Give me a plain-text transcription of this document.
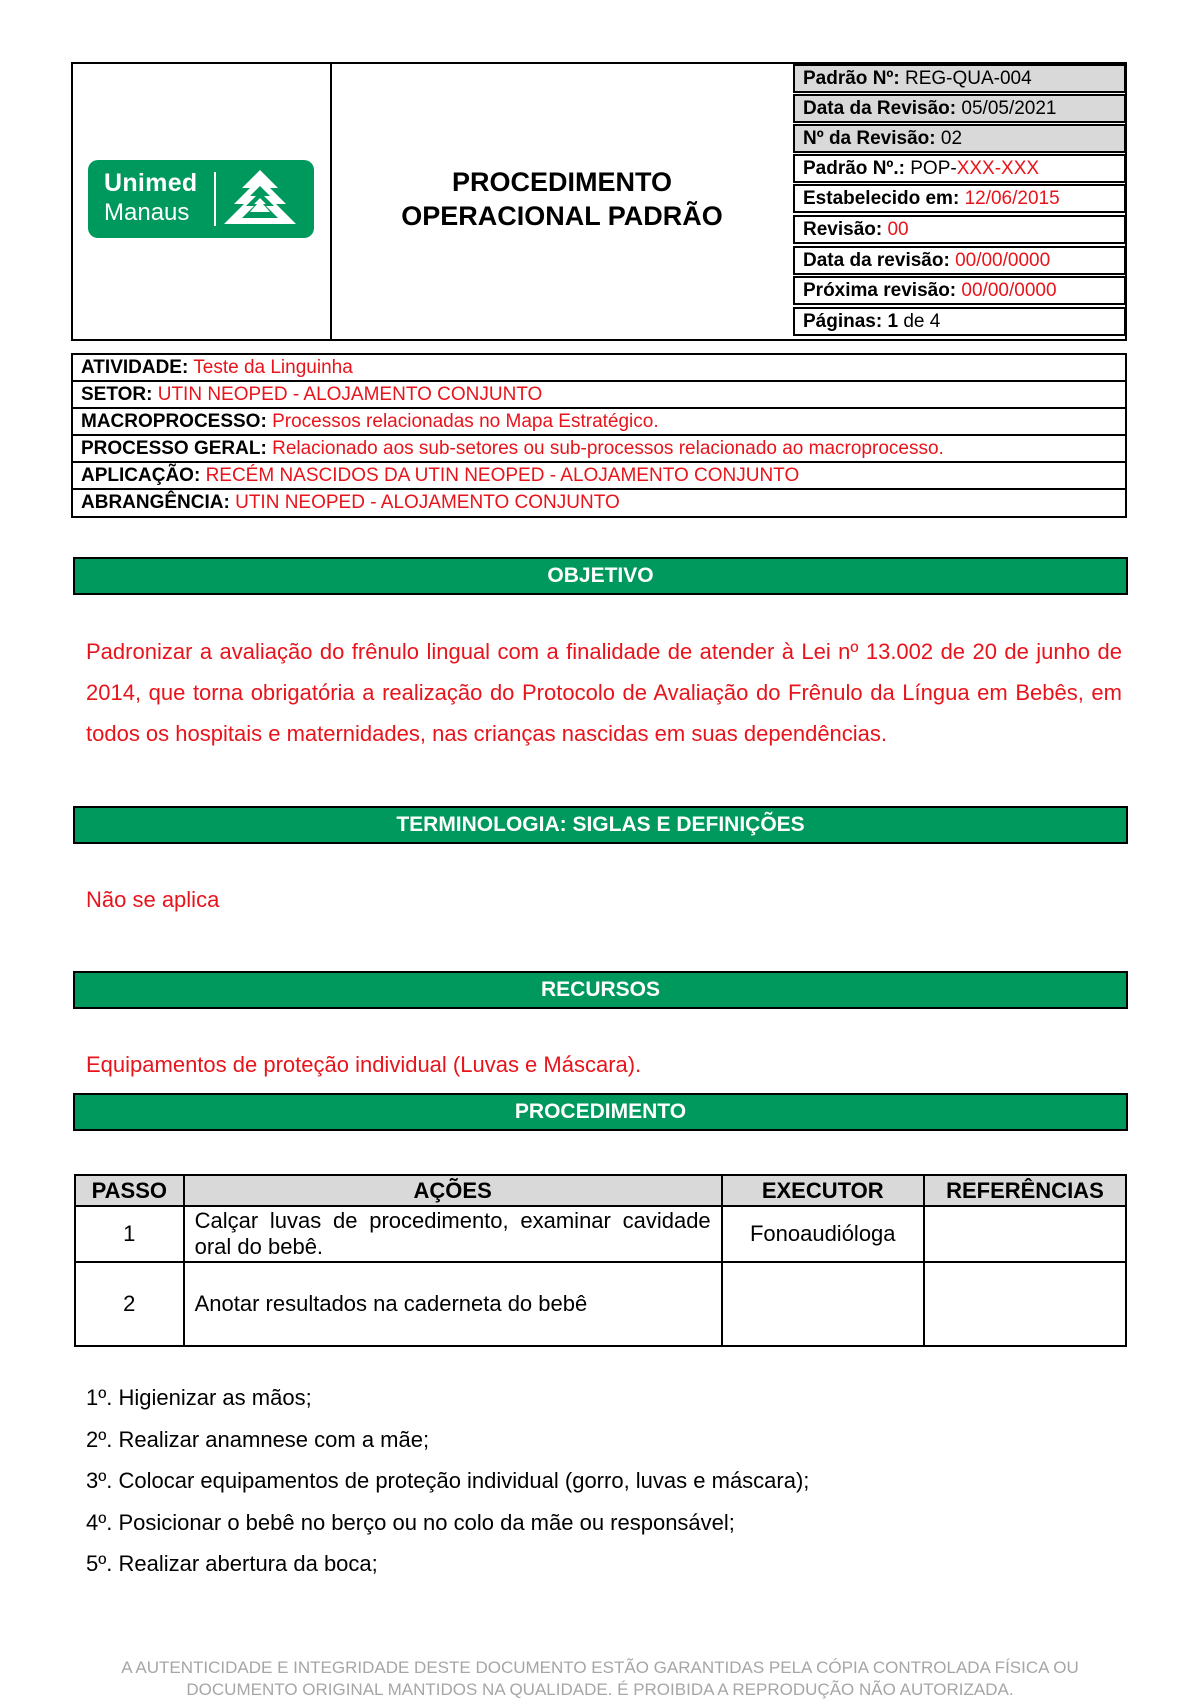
Unimed
Manaus
PROCEDIMENTO
OPERACIONAL PADRÃO
Padrão Nº: REG-QUA-004
Data da Revisão: 05/05/2021
Nº da Revisão: 02
Padrão Nº.: POP-XXX-XXX
Estabelecido em: 12/06/2015
Revisão: 00
Data da revisão: 00/00/0000
Próxima revisão: 00/00/0000
Páginas: 1 de 4
ATIVIDADE: Teste da Linguinha
SETOR: UTIN NEOPED - ALOJAMENTO CONJUNTO
MACROPROCESSO: Processos relacionadas no Mapa Estratégico.
PROCESSO GERAL: Relacionado aos sub-setores ou sub-processos relacionado ao macroprocesso.
APLICAÇÃO: RECÉM NASCIDOS DA UTIN NEOPED - ALOJAMENTO CONJUNTO
ABRANGÊNCIA: UTIN NEOPED - ALOJAMENTO CONJUNTO
OBJETIVO
Padronizar a avaliação do frênulo lingual com a finalidade de atender à Lei nº 13.002 de 20 de junho de 2014, que torna obrigatória a realização do Protocolo de Avaliação do Frênulo da Língua em Bebês, em todos os hospitais e maternidades, nas crianças nascidas em suas dependências.
TERMINOLOGIA: SIGLAS E DEFINIÇÕES
Não se aplica
RECURSOS
Equipamentos de proteção individual (Luvas e Máscara).
PROCEDIMENTO
PASSO	AÇÕES	EXECUTOR	REFERÊNCIAS
1	Calçar luvas de procedimento, examinar cavidade oral do bebê.	Fonoaudióloga	
2	Anotar resultados na caderneta do bebê		
1º. Higienizar as mãos;
2º. Realizar anamnese com a mãe;
3º. Colocar equipamentos de proteção individual (gorro, luvas e máscara);
4º. Posicionar o bebê no berço ou no colo da mãe ou responsável;
5º. Realizar abertura da boca;
A AUTENTICIDADE E INTEGRIDADE DESTE DOCUMENTO ESTÃO GARANTIDAS PELA CÓPIA CONTROLADA FÍSICA OU
DOCUMENTO ORIGINAL MANTIDOS NA QUALIDADE. É PROIBIDA A REPRODUÇÃO NÃO AUTORIZADA.
